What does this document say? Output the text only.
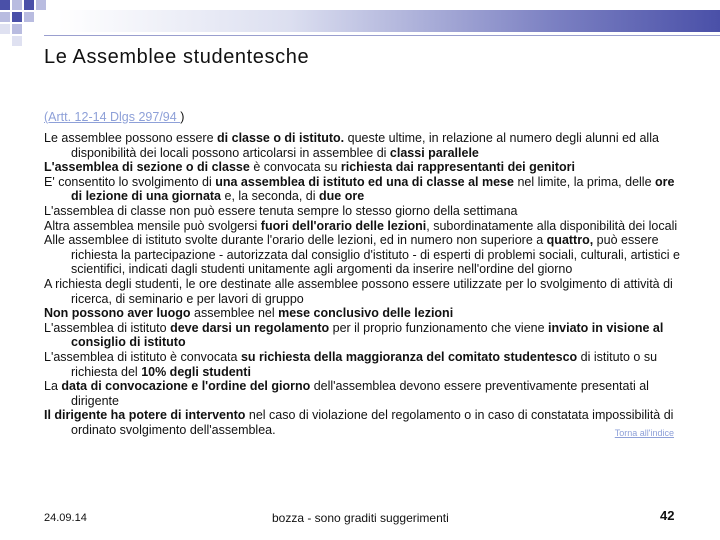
Le Assemblee studentesche
(Artt. 12-14 Dlgs 297/94 )

Le assemblee possono essere di classe o di istituto. queste ultime, in relazione al numero degli alunni ed alla disponibilità dei locali possono articolarsi in assemblee di classi parallele

L'assemblea di sezione o di classe è convocata su richiesta dai rappresentanti dei genitori

E' consentito lo svolgimento di una assemblea di istituto ed una di classe al mese nel limite, la prima, delle ore di lezione di una giornata e, la seconda, di due ore

L'assemblea di classe non può essere tenuta sempre lo stesso giorno della settimana

Altra assemblea mensile può svolgersi fuori dell'orario delle lezioni, subordinatamente alla disponibilità dei locali

Alle assemblee di istituto svolte durante l'orario delle lezioni, ed in numero non superiore a quattro, può essere richiesta la partecipazione - autorizzata dal consiglio d'istituto - di esperti di problemi sociali, culturali, artistici e scientifici, indicati dagli studenti unitamente agli argomenti da inserire nell'ordine del giorno

A richiesta degli studenti, le ore destinate alle assemblee possono essere utilizzate per lo svolgimento di attività di ricerca, di seminario e per lavori di gruppo

Non possono aver luogo assemblee nel mese conclusivo delle lezioni

L'assemblea di istituto deve darsi un regolamento per il proprio funzionamento che viene inviato in visione al consiglio di istituto

L'assemblea di istituto è convocata su richiesta della maggioranza del comitato studentesco di istituto o su richiesta del 10% degli studenti

La data di convocazione e l'ordine del giorno dell'assemblea devono essere preventivamente presentati al dirigente

Il dirigente ha potere di intervento nel caso di violazione del regolamento o in caso di constatata impossibilità di ordinato svolgimento dell'assemblea.	Torna all'indice

24.09.14	bozza - sono graditi suggerimenti	42
